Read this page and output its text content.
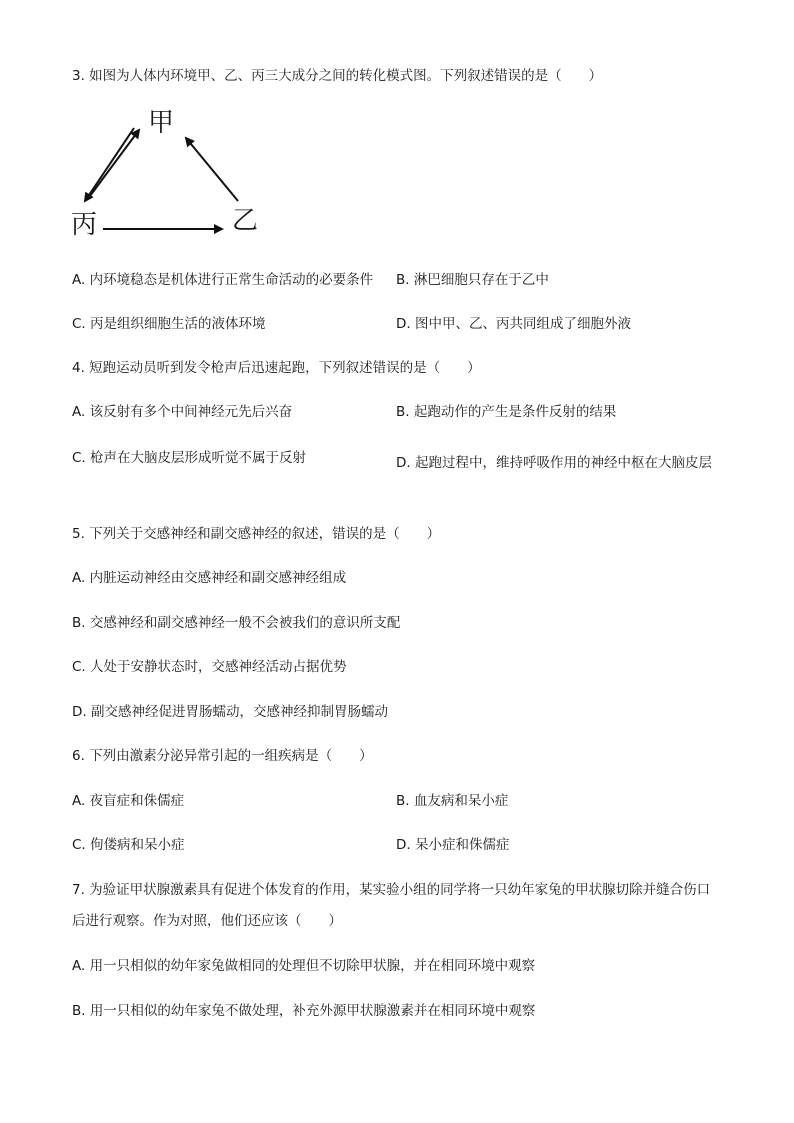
3. 如图为人体内环境甲、乙、丙三大成分之间的转化模式图。下列叙述错误的是（　　）
甲
丙	乙
A. 内环境稳态是机体进行正常生命活动的必要条件 B. 淋巴细胞只存在于乙中
C. 丙是组织细胞生活的液体环境	D. 图中甲、乙、丙共同组成了细胞外液
4. 短跑运动员听到发令枪声后迅速起跑，下列叙述错误的是（　　）
A. 该反射有多个中间神经元先后兴奋	B. 起跑动作的产生是条件反射的结果
C. 枪声在大脑皮层形成听觉不属于反射	D. 起跑过程中，维持呼吸作用的神经中枢在大脑皮层
5. 下列关于交感神经和副交感神经的叙述，错误的是（　　）
A. 内脏运动神经由交感神经和副交感神经组成
B. 交感神经和副交感神经一般不会被我们的意识所支配
C. 人处于安静状态时，交感神经活动占据优势
D. 副交感神经促进胃肠蠕动，交感神经抑制胃肠蠕动
6. 下列由激素分泌异常引起的一组疾病是（　　）
A. 夜盲症和侏儒症	B. 血友病和呆小症
C. 佝偻病和呆小症	D. 呆小症和侏儒症
7. 为验证甲状腺激素具有促进个体发育的作用，某实验小组的同学将一只幼年家兔的甲状腺切除并缝合伤口后进行观察。作为对照，他们还应该（　　）
A. 用一只相似的幼年家兔做相同的处理但不切除甲状腺，并在相同环境中观察
B. 用一只相似的幼年家兔不做处理，补充外源甲状腺激素并在相同环境中观察
